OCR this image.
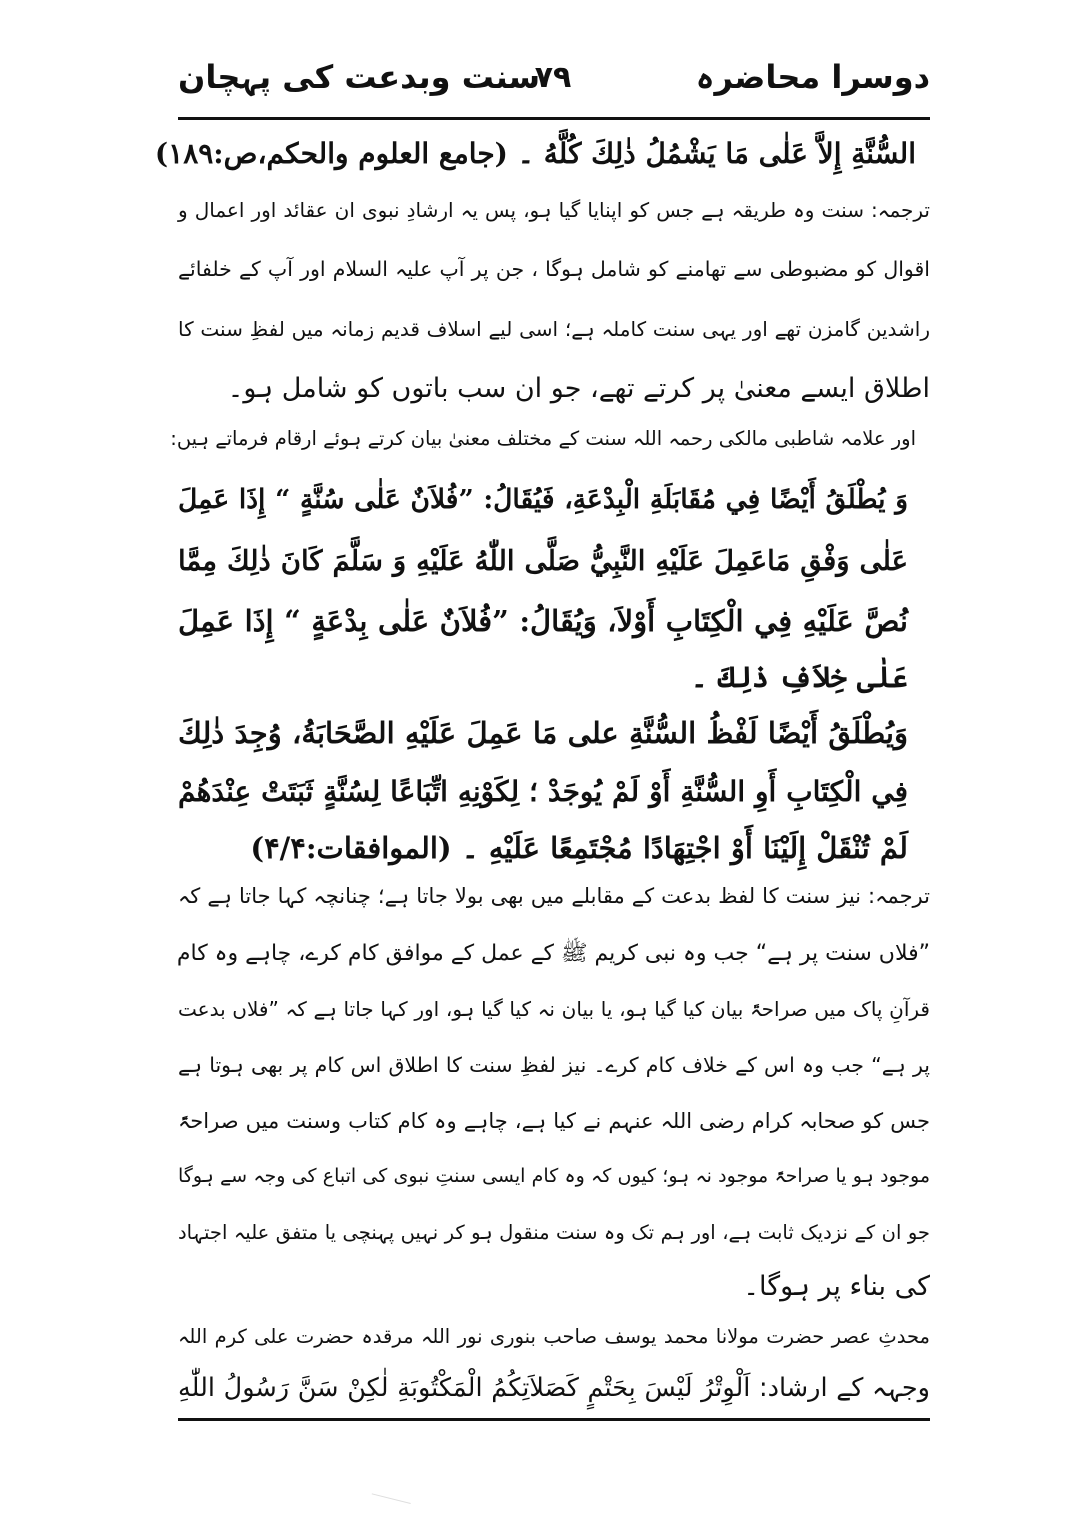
سنت وبدعت کی پہچان
۷۹	دوسرا محاضرہ
السُّنَّةِ إِلاَّ عَلٰى مَا يَشْمُلُ ذٰلِكَ كُلَّهُ ۔ (جامع العلوم والحکم،ص:۱۸۹)
ترجمہ: سنت وہ طریقہ ہے جس کو اپنایا گیا ہو، پس یہ ارشادِ نبوی ان عقائد اور اعمال و
اقوال کو مضبوطی سے تھامنے کو شامل ہوگا ، جن پر آپ علیہ السلام اور آپ کے خلفائے
راشدین گامزن تھے اور یہی سنت کاملہ ہے؛ اسی لیے اسلاف قدیم زمانہ میں لفظِ سنت کا
اطلاق ایسے معنیٰ پر کرتے تھے، جو ان سب باتوں کو شامل ہو۔
اور علامہ شاطبی مالکی رحمہ اللہ سنت کے مختلف معنیٰ بیان کرتے ہوئے ارقام فرماتے ہیں:
وَ يُطْلَقُ أَيْضًا فِي مُقَابَلَةِ الْبِدْعَةِ، فَيُقَالُ: ”فُلاَنٌ عَلٰى سُنَّةٍ “ إِذَا عَمِلَ
عَلٰى وَفْقِ مَاعَمِلَ عَلَيْهِ النَّبِيُّ صَلَّى اللّٰهُ عَلَيْهِ وَ سَلَّمَ كَانَ ذٰلِكَ مِمَّا
نُصَّ عَلَيْهِ فِي الْكِتَابِ أَوْلاَ، وَيُقَالُ: ”فُلاَنٌ عَلٰى بِدْعَةٍ “ إِذَا عَمِلَ
عَلٰى خِلاَفِ ذٰلِكَ ۔
وَيُطْلَقُ أَيْضًا لَفْظُ السُّنَّةِ على مَا عَمِلَ عَلَيْهِ الصَّحَابَةُ، وُجِدَ ذٰلِكَ
فِي الْكِتَابِ أَوِ السُّنَّةِ أَوْ لَمْ يُوجَدْ ؛ لِكَوْنِهِ اتِّبَاعًا لِسُنَّةٍ ثَبَتَتْ عِنْدَهُمْ
لَمْ تُنْقَلْ إِلَيْنَا أَوْ اجْتِهَادًا مُجْتَمِعًا عَلَيْهِ ۔ (الموافقات:۴/۴)
ترجمہ: نیز سنت کا لفظ بدعت کے مقابلے میں بھی بولا جاتا ہے؛ چنانچہ کہا جاتا ہے کہ
”فلاں سنت پر ہے“ جب وہ نبی کریم ﷺ کے عمل کے موافق کام کرے، چاہے وہ کام
قرآنِ پاک میں صراحۃً بیان کیا گیا ہو، یا بیان نہ کیا گیا ہو، اور کہا جاتا ہے کہ ”فلاں بدعت
پر ہے“ جب وہ اس کے خلاف کام کرے۔ نیز لفظِ سنت کا اطلاق اس کام پر بھی ہوتا ہے
جس کو صحابہ کرام رضی اللہ عنہم نے کیا ہے، چاہے وہ کام کتاب وسنت میں صراحۃً
موجود ہو یا صراحۃً موجود نہ ہو؛ کیوں کہ وہ کام ایسی سنتِ نبوی کی اتباع کی وجہ سے ہوگا
جو ان کے نزدیک ثابت ہے، اور ہم تک وہ سنت منقول ہو کر نہیں پہنچی یا متفق علیہ اجتہاد
کی بناء پر ہوگا۔
محدثِ عصر حضرت مولانا محمد یوسف صاحب بنوری نور اللہ مرقدہ حضرت علی کرم اللہ
وجہہ کے ارشاد: اَلْوِتْرُ لَيْسَ بِحَتْمٍ كَصَلاَتِكُمُ الْمَكْتُوبَةِ لٰكِنْ سَنَّ رَسُولُ اللّٰهِ
